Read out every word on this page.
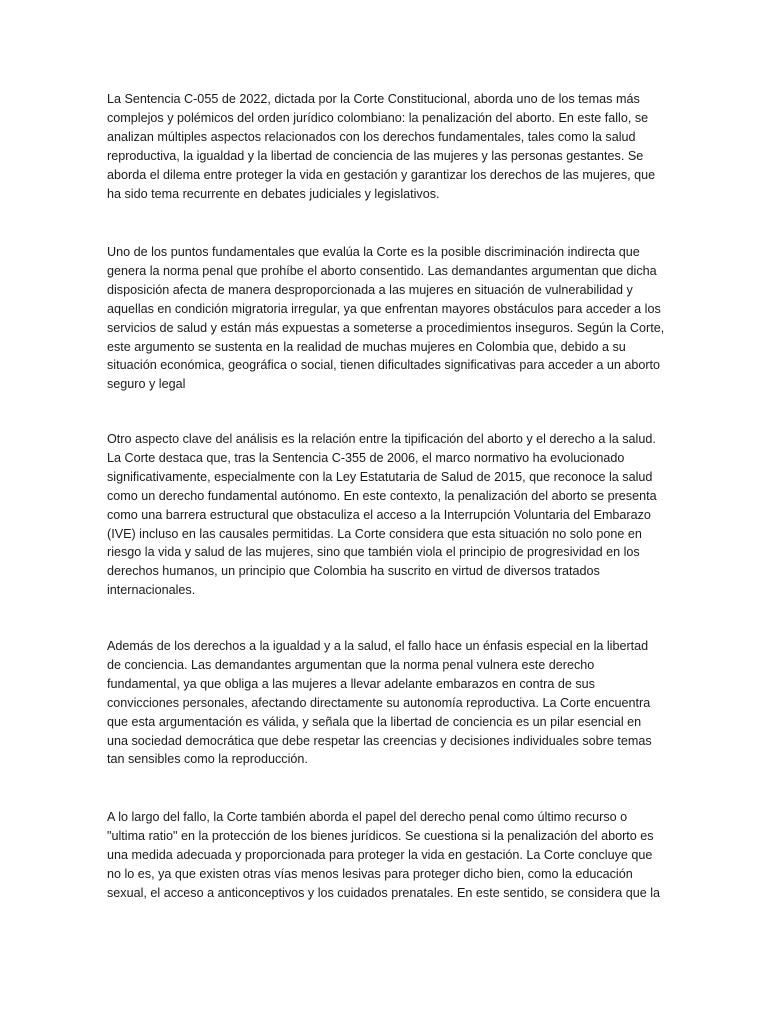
La Sentencia C-055 de 2022, dictada por la Corte Constitucional, aborda uno de los temas más complejos y polémicos del orden jurídico colombiano: la penalización del aborto. En este fallo, se analizan múltiples aspectos relacionados con los derechos fundamentales, tales como la salud reproductiva, la igualdad y la libertad de conciencia de las mujeres y las personas gestantes. Se aborda el dilema entre proteger la vida en gestación y garantizar los derechos de las mujeres, que ha sido tema recurrente en debates judiciales y legislativos.

Uno de los puntos fundamentales que evalúa la Corte es la posible discriminación indirecta que genera la norma penal que prohíbe el aborto consentido. Las demandantes argumentan que dicha disposición afecta de manera desproporcionada a las mujeres en situación de vulnerabilidad y aquellas en condición migratoria irregular, ya que enfrentan mayores obstáculos para acceder a los servicios de salud y están más expuestas a someterse a procedimientos inseguros. Según la Corte, este argumento se sustenta en la realidad de muchas mujeres en Colombia que, debido a su situación económica, geográfica o social, tienen dificultades significativas para acceder a un aborto seguro y legal

Otro aspecto clave del análisis es la relación entre la tipificación del aborto y el derecho a la salud. La Corte destaca que, tras la Sentencia C-355 de 2006, el marco normativo ha evolucionado significativamente, especialmente con la Ley Estatutaria de Salud de 2015, que reconoce la salud como un derecho fundamental autónomo. En este contexto, la penalización del aborto se presenta como una barrera estructural que obstaculiza el acceso a la Interrupción Voluntaria del Embarazo (IVE) incluso en las causales permitidas. La Corte considera que esta situación no solo pone en riesgo la vida y salud de las mujeres, sino que también viola el principio de progresividad en los derechos humanos, un principio que Colombia ha suscrito en virtud de diversos tratados internacionales.

Además de los derechos a la igualdad y a la salud, el fallo hace un énfasis especial en la libertad de conciencia. Las demandantes argumentan que la norma penal vulnera este derecho fundamental, ya que obliga a las mujeres a llevar adelante embarazos en contra de sus convicciones personales, afectando directamente su autonomía reproductiva. La Corte encuentra que esta argumentación es válida, y señala que la libertad de conciencia es un pilar esencial en una sociedad democrática que debe respetar las creencias y decisiones individuales sobre temas tan sensibles como la reproducción.

A lo largo del fallo, la Corte también aborda el papel del derecho penal como último recurso o "ultima ratio" en la protección de los bienes jurídicos. Se cuestiona si la penalización del aborto es una medida adecuada y proporcionada para proteger la vida en gestación. La Corte concluye que no lo es, ya que existen otras vías menos lesivas para proteger dicho bien, como la educación sexual, el acceso a anticonceptivos y los cuidados prenatales. En este sentido, se considera que la
